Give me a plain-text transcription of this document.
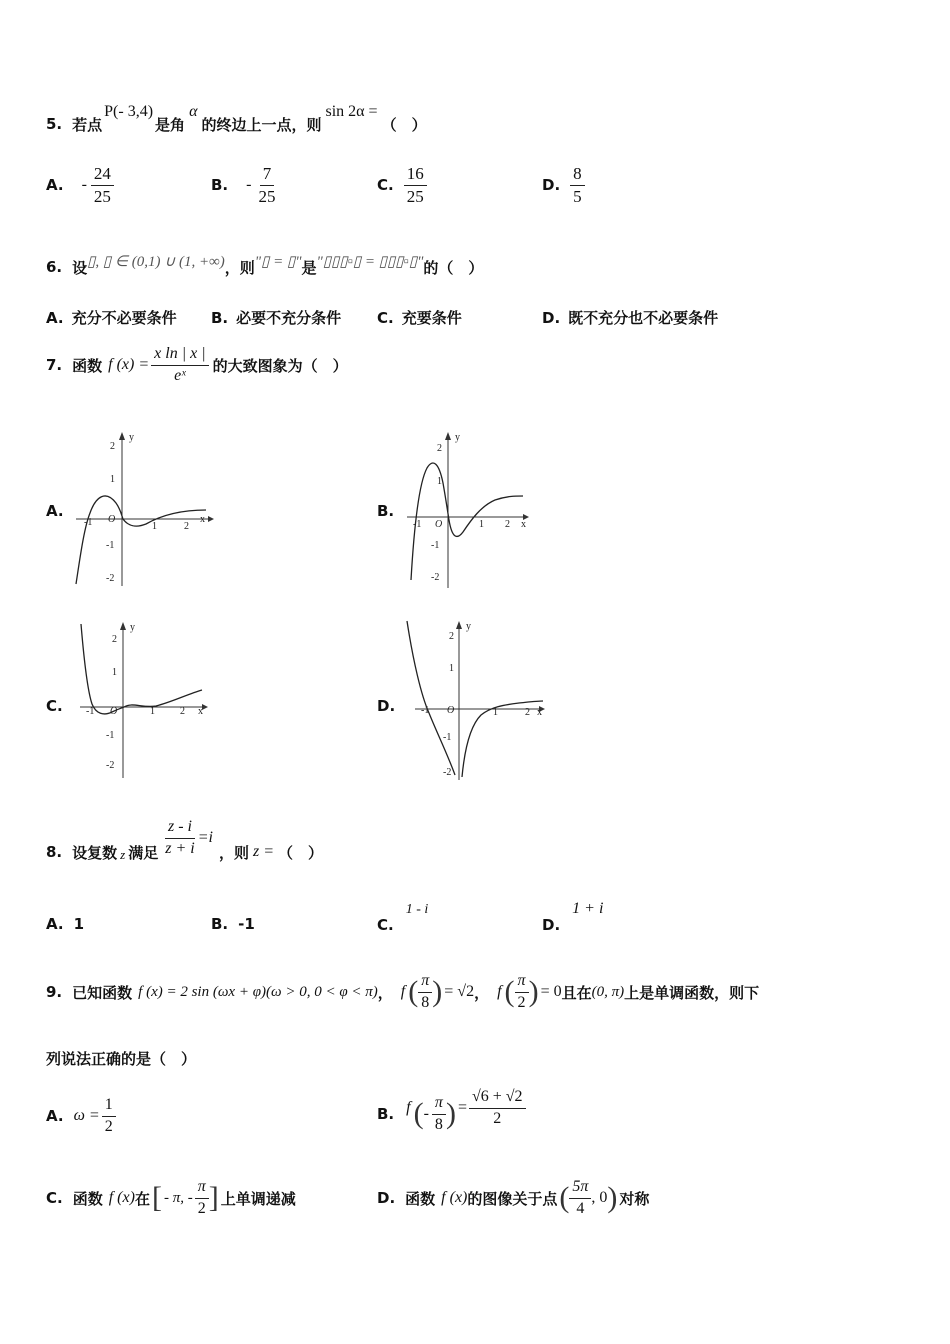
5. 若点
P(- 3,4)
是角
α
的终边上一点，则
sin 2α =
（　）
A. - $\frac{24}{25}$	B. - $\frac{7}{25}$	C. $\frac{16}{25}$	D. $\frac{8}{5}$
6. 设 ▯, ▯ ∈ (0,1) ∪ (1, +∞) ，则 "▯ = ▯" 是 "▯▯▯▫▯ = ▯▯▯▫▯" 的（　）
A. 充分不必要条件 B. 必要不充分条件 C. 充要条件	D. 既不充分也不必要条件
7. 函数 f $(x) = \frac{\text{x ln | x |}}{\text{eˣ}}$ 的大致图象为（　）
A.	B.
C.	D.
y
x
2
1
-1
-2
O
-1	1	2
y
x
2
1
-1
-2
O
-1	1 2
y
x
2
1
-1
-2
O
-1	1	2
y
x
2
1
-1
-2
O
-1	1	2
8. 设复数 z 满足 $\frac{z - i}{z + i} =i$
，则 z = （　）
A. 1	B. -1	C.
1 - i
D.
1 + i
9. 已知函数 f (x) = 2 sin (ωx + φ)(ω > 0, 0 < φ < π) ， f ( $\frac{\pi}{8}$ ) = √2 ， f ( $\frac{\pi}{2}$ ) = 0 且在 (0, π) 上是单调函数，则下
列说法正确的是（　）
A. $\omega = \frac{1}{2}$	B. f ( - $\frac{\pi}{8}$ ) = $\frac{√6 + √2}{2}$
C. 函数 f (x) 在 [ - π, - $\frac{\pi}{2}$ ] 上单调递减	D. 函数 f (x) 的图像关于点 ( $\frac{5\pi}{4}$ , 0 ) 对称
